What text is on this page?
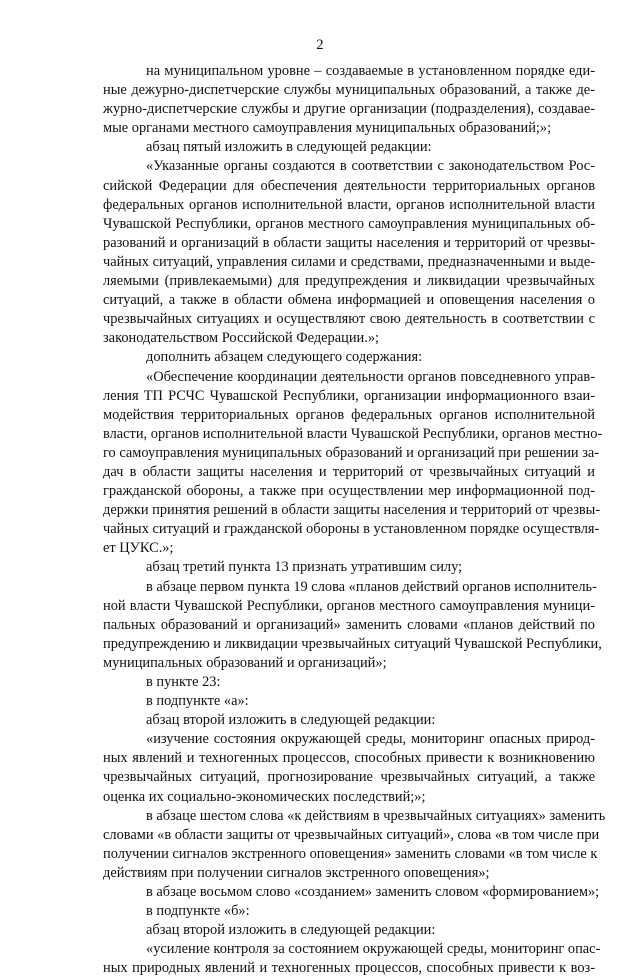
2
на муниципальном уровне – создаваемые в установленном порядке еди-
ные дежурно-диспетчерские службы муниципальных образований, а также де-
журно-диспетчерские службы и другие организации (подразделения), создавае-
мые органами местного самоуправления муниципальных образований;»;
абзац пятый изложить в следующей редакции:
«Указанные органы создаются в соответствии с законодательством Рос-
сийской Федерации для обеспечения деятельности территориальных органов
федеральных органов исполнительной власти, органов исполнительной власти
Чувашской Республики, органов местного самоуправления муниципальных об-
разований и организаций в области защиты населения и территорий от чрезвы-
чайных ситуаций, управления силами и средствами, предназначенными и выде-
ляемыми (привлекаемыми) для предупреждения и ликвидации чрезвычайных
ситуаций, а также в области обмена информацией и оповещения населения о
чрезвычайных ситуациях и осуществляют свою деятельность в соответствии с
законодательством Российской Федерации.»;
дополнить абзацем следующего содержания:
«Обеспечение координации деятельности органов повседневного управ-
ления ТП РСЧС Чувашской Республики, организации информационного взаи-
модействия территориальных органов федеральных органов исполнительной
власти, органов исполнительной власти Чувашской Республики, органов местно-
го самоуправления муниципальных образований и организаций при решении за-
дач в области защиты населения и территорий от чрезвычайных ситуаций и
гражданской обороны, а также при осуществлении мер информационной под-
держки принятия решений в области защиты населения и территорий от чрезвы-
чайных ситуаций и гражданской обороны в установленном порядке осуществля-
ет ЦУКС.»;
абзац третий пункта 13 признать утратившим силу;
в абзаце первом пункта 19 слова «планов действий органов исполнитель-
ной власти Чувашской Республики, органов местного самоуправления муници-
пальных образований и организаций» заменить словами «планов действий по
предупреждению и ликвидации чрезвычайных ситуаций Чувашской Республики,
муниципальных образований и организаций»;
в пункте 23:
в подпункте «а»:
абзац второй изложить в следующей редакции:
«изучение состояния окружающей среды, мониторинг опасных природ-
ных явлений и техногенных процессов, способных привести к возникновению
чрезвычайных ситуаций, прогнозирование чрезвычайных ситуаций, а также
оценка их социально-экономических последствий;»;
в абзаце шестом слова «к действиям в чрезвычайных ситуациях» заменить
словами «в области защиты от чрезвычайных ситуаций», слова «в том числе при
получении сигналов экстренного оповещения» заменить словами «в том числе к
действиям при получении сигналов экстренного оповещения»;
в абзаце восьмом слово «созданием» заменить словом «формированием»;
в подпункте «б»:
абзац второй изложить в следующей редакции:
«усиление контроля за состоянием окружающей среды, мониторинг опас-
ных природных явлений и техногенных процессов, способных привести к воз-
